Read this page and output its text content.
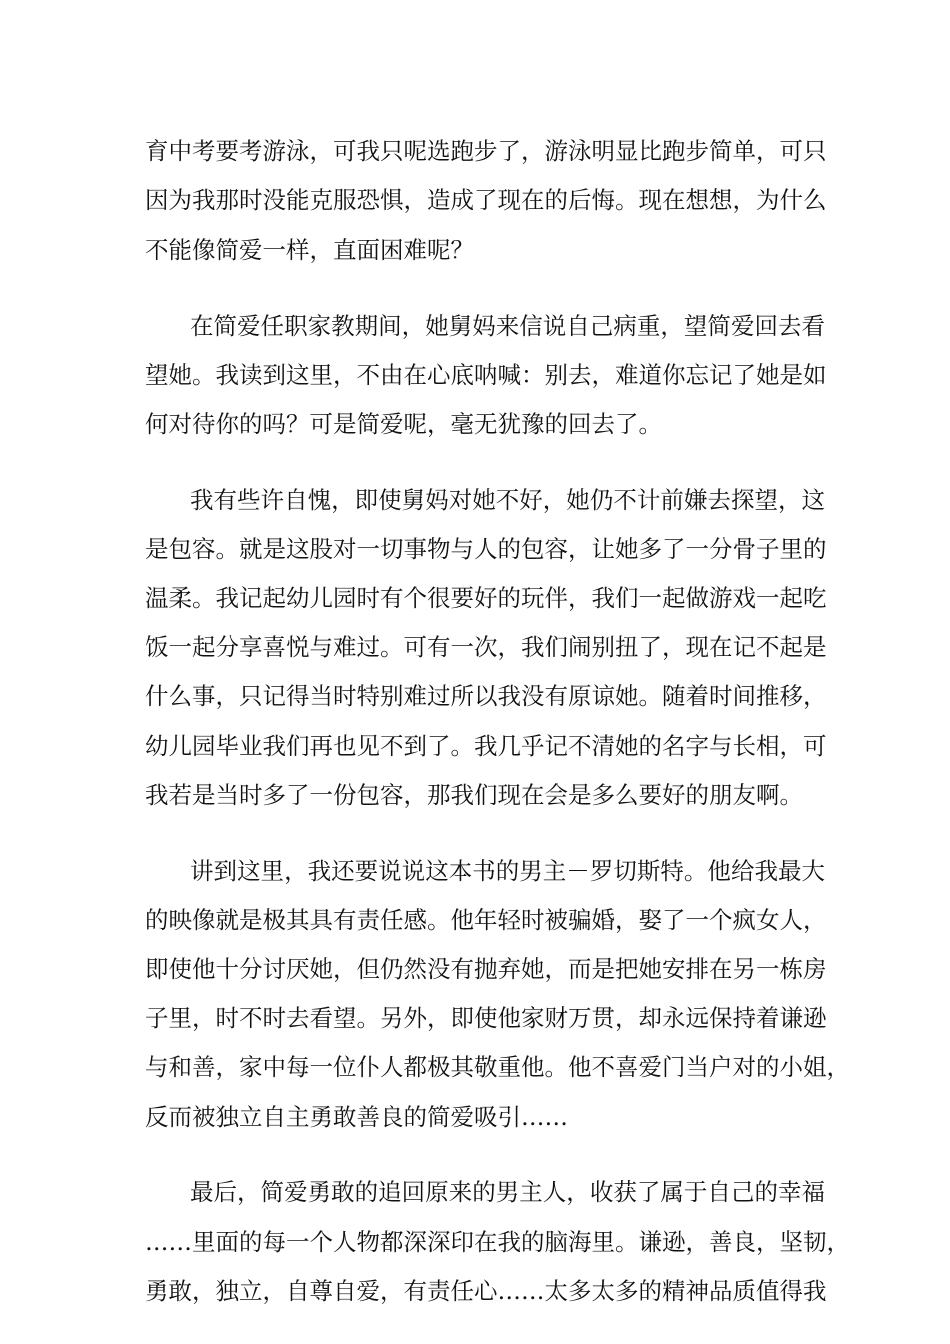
育中考要考游泳，可我只呢选跑步了，游泳明显比跑步简单，可只
因为我那时没能克服恐惧，造成了现在的后悔。现在想想，为什么
不能像简爱一样，直面困难呢？
在简爱任职家教期间，她舅妈来信说自己病重，望简爱回去看
望她。我读到这里，不由在心底呐喊：别去，难道你忘记了她是如
何对待你的吗？可是简爱呢，毫无犹豫的回去了。
我有些许自愧，即使舅妈对她不好，她仍不计前嫌去探望，这
是包容。就是这股对一切事物与人的包容，让她多了一分骨子里的
温柔。我记起幼儿园时有个很要好的玩伴，我们一起做游戏一起吃
饭一起分享喜悦与难过。可有一次，我们闹别扭了，现在记不起是
什么事，只记得当时特别难过所以我没有原谅她。随着时间推移，
幼儿园毕业我们再也见不到了。我几乎记不清她的名字与长相，可
我若是当时多了一份包容，那我们现在会是多么要好的朋友啊。
讲到这里，我还要说说这本书的男主－罗切斯特。他给我最大
的映像就是极其具有责任感。他年轻时被骗婚，娶了一个疯女人，
即使他十分讨厌她，但仍然没有抛弃她，而是把她安排在另一栋房
子里，时不时去看望。另外，即使他家财万贯，却永远保持着谦逊
与和善，家中每一位仆人都极其敬重他。他不喜爱门当户对的小姐，
反而被独立自主勇敢善良的简爱吸引……
最后，简爱勇敢的追回原来的男主人，收获了属于自己的幸福
……里面的每一个人物都深深印在我的脑海里。谦逊，善良，坚韧，
勇敢，独立，自尊自爱，有责任心……太多太多的精神品质值得我
